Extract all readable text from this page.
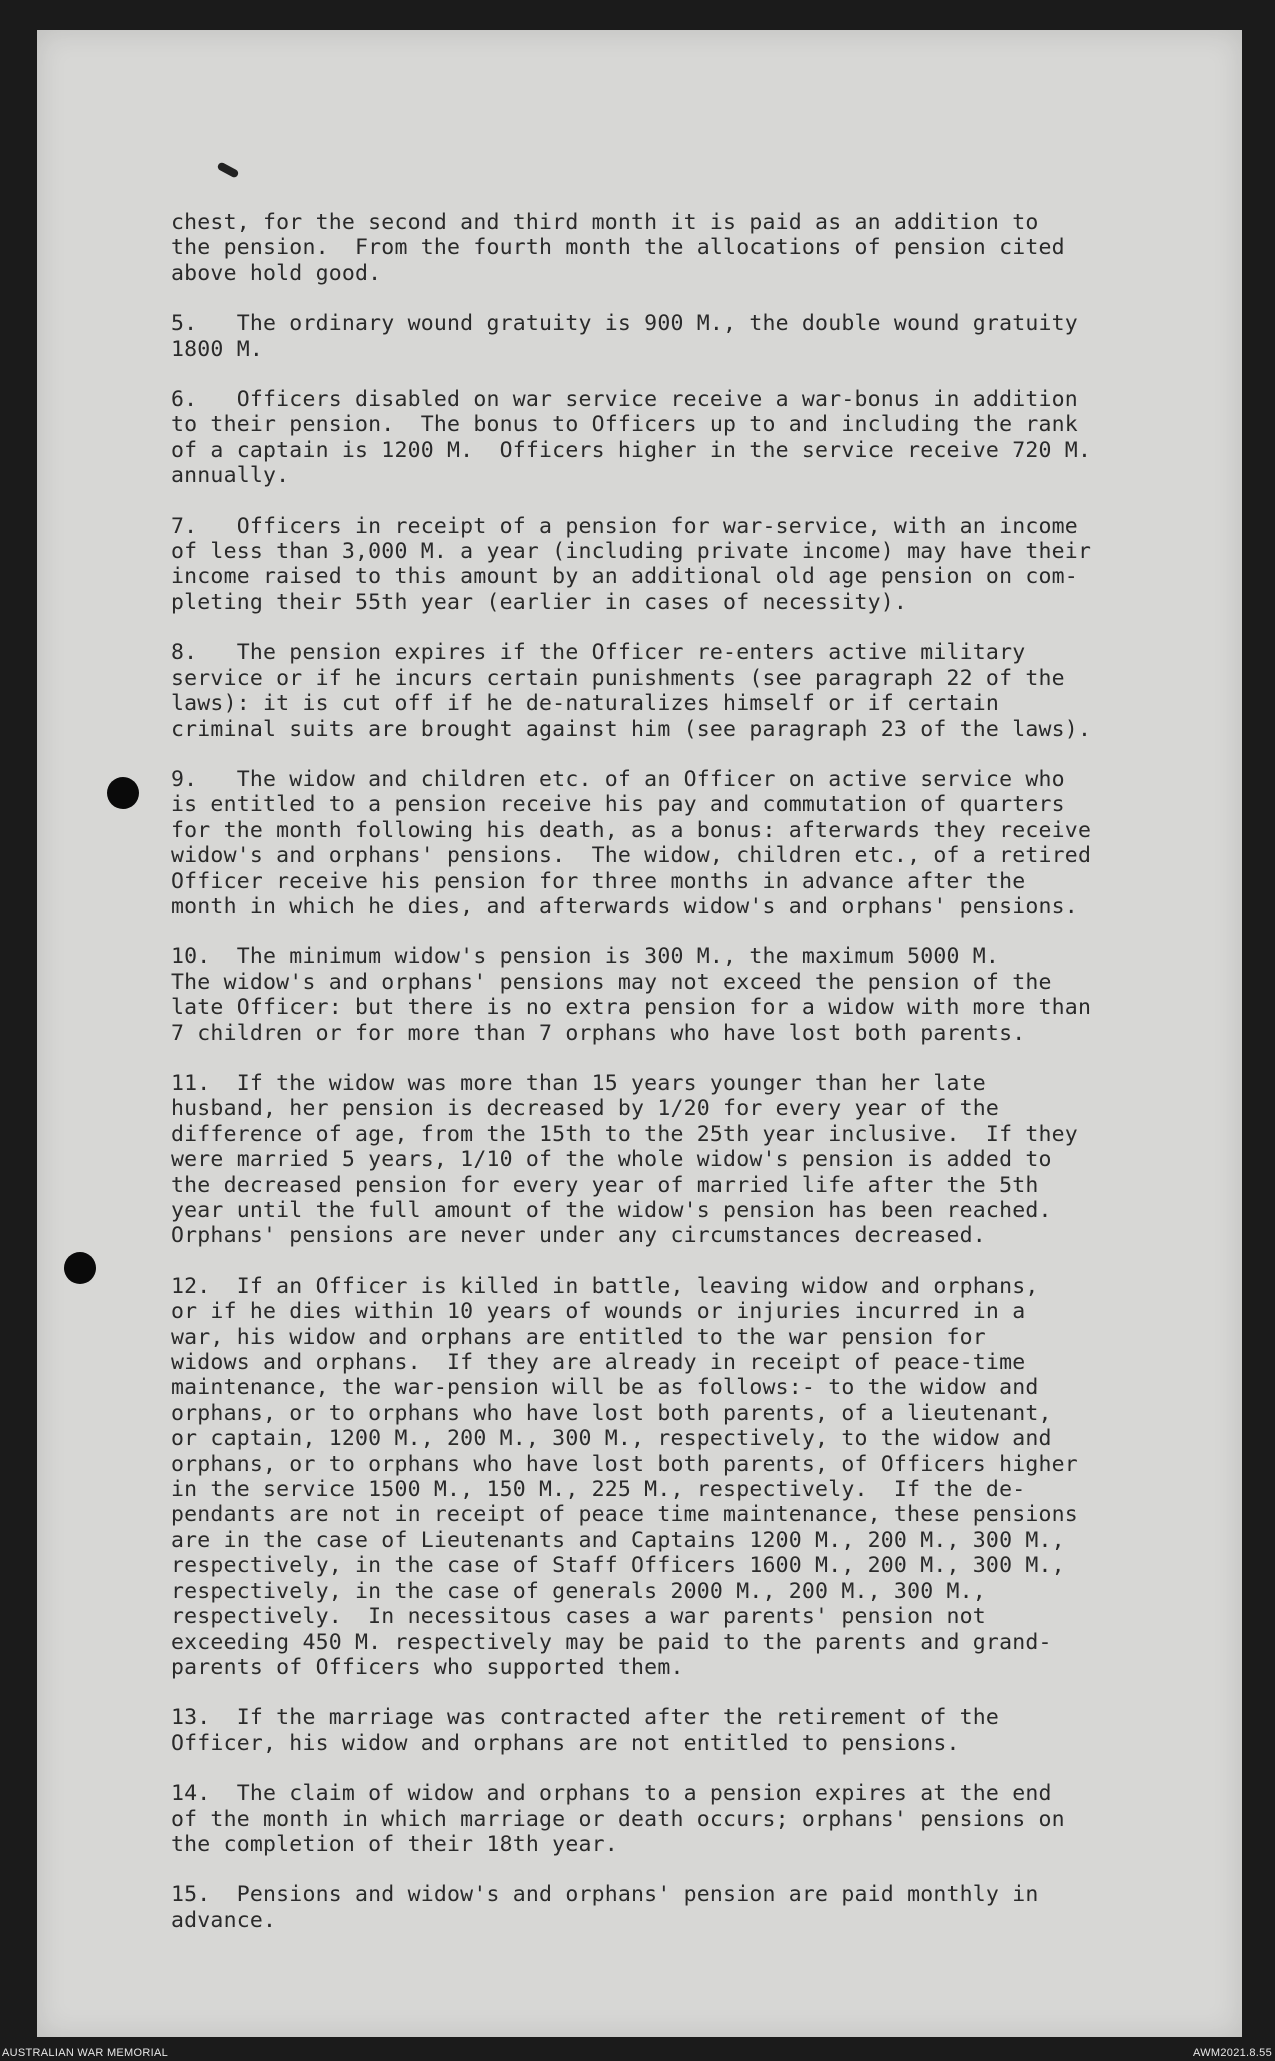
chest, for the second and third month it is paid as an addition to
the pension.  From the fourth month the allocations of pension cited
above hold good.

5.   The ordinary wound gratuity is 900 M., the double wound gratuity
1800 M.

6.   Officers disabled on war service receive a war-bonus in addition
to their pension.  The bonus to Officers up to and including the rank
of a captain is 1200 M.  Officers higher in the service receive 720 M.
annually.

7.   Officers in receipt of a pension for war-service, with an income
of less than 3,000 M. a year (including private income) may have their
income raised to this amount by an additional old age pension on com-
pleting their 55th year (earlier in cases of necessity).

8.   The pension expires if the Officer re-enters active military
service or if he incurs certain punishments (see paragraph 22 of the
laws): it is cut off if he de-naturalizes himself or if certain
criminal suits are brought against him (see paragraph 23 of the laws).

9.   The widow and children etc. of an Officer on active service who
is entitled to a pension receive his pay and commutation of quarters
for the month following his death, as a bonus: afterwards they receive
widow's and orphans' pensions.  The widow, children etc., of a retired
Officer receive his pension for three months in advance after the
month in which he dies, and afterwards widow's and orphans' pensions.

10.  The minimum widow's pension is 300 M., the maximum 5000 M.
The widow's and orphans' pensions may not exceed the pension of the
late Officer: but there is no extra pension for a widow with more than
7 children or for more than 7 orphans who have lost both parents.

11.  If the widow was more than 15 years younger than her late
husband, her pension is decreased by 1/20 for every year of the
difference of age, from the 15th to the 25th year inclusive.  If they
were married 5 years, 1/10 of the whole widow's pension is added to
the decreased pension for every year of married life after the 5th
year until the full amount of the widow's pension has been reached.
Orphans' pensions are never under any circumstances decreased.

12.  If an Officer is killed in battle, leaving widow and orphans,
or if he dies within 10 years of wounds or injuries incurred in a
war, his widow and orphans are entitled to the war pension for
widows and orphans.  If they are already in receipt of peace-time
maintenance, the war-pension will be as follows:- to the widow and
orphans, or to orphans who have lost both parents, of a lieutenant,
or captain, 1200 M., 200 M., 300 M., respectively, to the widow and
orphans, or to orphans who have lost both parents, of Officers higher
in the service 1500 M., 150 M., 225 M., respectively.  If the de-
pendants are not in receipt of peace time maintenance, these pensions
are in the case of Lieutenants and Captains 1200 M., 200 M., 300 M.,
respectively, in the case of Staff Officers 1600 M., 200 M., 300 M.,
respectively, in the case of generals 2000 M., 200 M., 300 M.,
respectively.  In necessitous cases a war parents' pension not
exceeding 450 M. respectively may be paid to the parents and grand-
parents of Officers who supported them.

13.  If the marriage was contracted after the retirement of the
Officer, his widow and orphans are not entitled to pensions.

14.  The claim of widow and orphans to a pension expires at the end
of the month in which marriage or death occurs; orphans' pensions on
the completion of their 18th year.

15.  Pensions and widow's and orphans' pension are paid monthly in
advance.

AUSTRALIAN WAR MEMORIAL	AWM2021.8.55
